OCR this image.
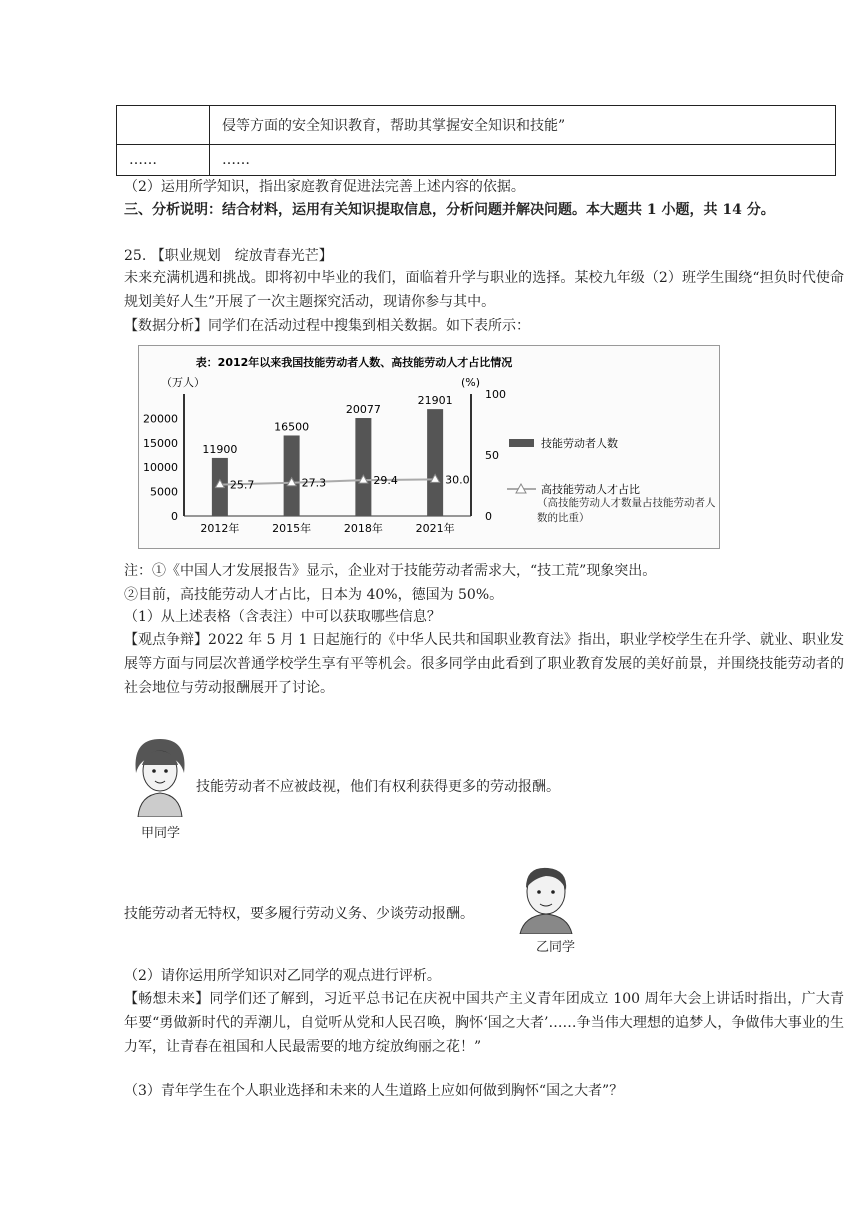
	侵等方面的安全知识教育，帮助其掌握安全知识和技能”
……	……
（2）运用所学知识，指出家庭教育促进法完善上述内容的依据。
三、分析说明：结合材料，运用有关知识提取信息，分析问题并解决问题。本大题共 1 小题，共 14 分。
25. 【职业规划　绽放青春光芒】
未来充满机遇和挑战。即将初中毕业的我们，面临着升学与职业的选择。某校九年级（2）班学生围绕“担负时代使命规划美好人生”开展了一次主题探究活动，现请你参与其中。
【数据分析】同学们在活动过程中搜集到相关数据。如下表所示：
表：2012年以来我国技能劳动者人数、高技能劳动人才占比情况
（万人）	(%)
20000
15000
10000
5000
0
100
50
0
11900
16500
20077
21901
25.7	27.3	29.4	30.0
2012年	2015年	2018年	2021年
技能劳动者人数
高技能劳动人才占比
（高技能劳动人才数量占技能劳动者人数的比重）
注：①《中国人才发展报告》显示，企业对于技能劳动者需求大，“技工荒”现象突出。
②目前，高技能劳动人才占比，日本为 40%，德国为 50%。
（1）从上述表格（含表注）中可以获取哪些信息？
【观点争辩】2022 年 5 月 1 日起施行的《中华人民共和国职业教育法》指出，职业学校学生在升学、就业、职业发展等方面与同层次普通学校学生享有平等机会。很多同学由此看到了职业教育发展的美好前景，并围绕技能劳动者的社会地位与劳动报酬展开了讨论。
技能劳动者不应被歧视，他们有权利获得更多的劳动报酬。
甲同学
技能劳动者无特权，要多履行劳动义务、少谈劳动报酬。
乙同学
（2）请你运用所学知识对乙同学的观点进行评析。
【畅想未来】同学们还了解到，习近平总书记在庆祝中国共产主义青年团成立 100 周年大会上讲话时指出，广大青年要“勇做新时代的弄潮儿，自觉听从党和人民召唤，胸怀‘国之大者’……争当伟大理想的追梦人，争做伟大事业的生力军，让青春在祖国和人民最需要的地方绽放绚丽之花！”
（3）青年学生在个人职业选择和未来的人生道路上应如何做到胸怀“国之大者”？
